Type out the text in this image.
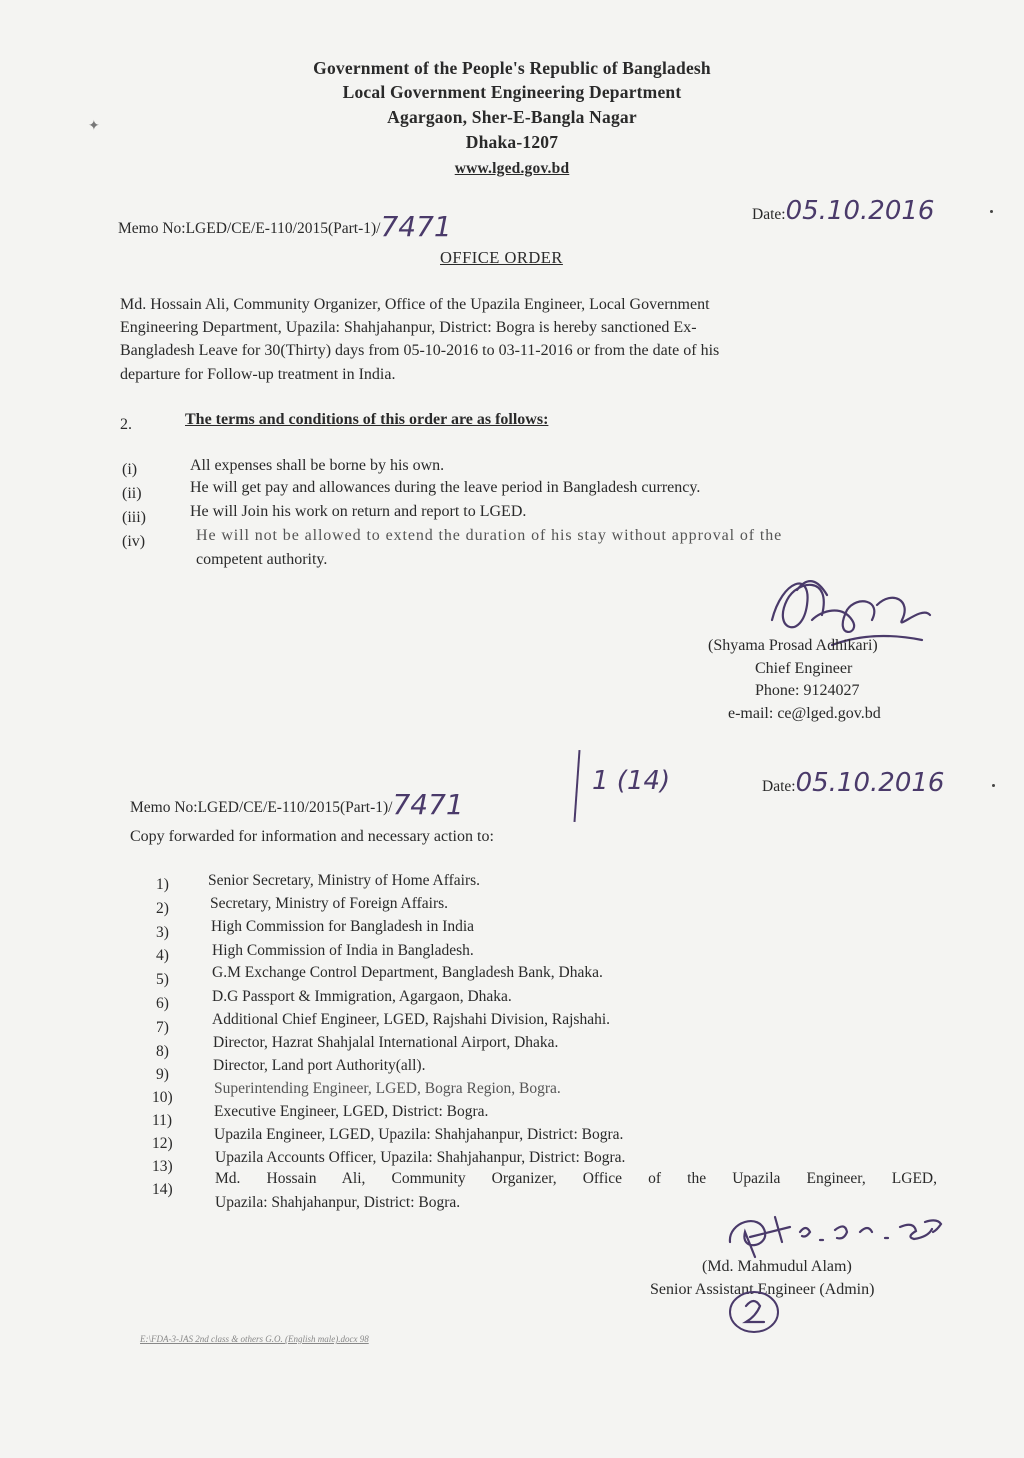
Government of the People's Republic of Bangladesh
Local Government Engineering Department
Agargaon, Sher-E-Bangla Nagar
Dhaka-1207
www.lged.gov.bd
Memo No:LGED/CE/E-110/2015(Part-1)/7471	Date:05.10.2016
OFFICE ORDER
Md. Hossain Ali, Community Organizer, Office of the Upazila Engineer, Local Government
Engineering Department, Upazila: Shahjahanpur, District: Bogra is hereby sanctioned Ex-
Bangladesh Leave for 30(Thirty) days from 05-10-2016 to 03-11-2016 or from the date of his
departure for Follow-up treatment in India.
2.	The terms and conditions of this order are as follows:
(i)	All expenses shall be borne by his own.
(ii)	He will get pay and allowances during the leave period in Bangladesh currency.
(iii)	He will Join his work on return and report to LGED.
(iv)	He will not be allowed to extend the duration of his stay without approval of the
competent authority.
(Shyama Prosad Adhikari)
Chief Engineer
Phone: 9124027
e-mail: ce@lged.gov.bd
Memo No:LGED/CE/E-110/2015(Part-1)/7471
1 (14)	Date:05.10.2016
Copy forwarded for information and necessary action to:
1)	Senior Secretary, Ministry of Home Affairs.
2)	Secretary, Ministry of Foreign Affairs.
3)	High Commission for Bangladesh in India
4)	High Commission of India in Bangladesh.
5)	G.M Exchange Control Department, Bangladesh Bank, Dhaka.
6)	D.G Passport & Immigration, Agargaon, Dhaka.
7)	Additional Chief Engineer, LGED, Rajshahi Division, Rajshahi.
8)
Director, Hazrat Shahjalal International Airport, Dhaka.
9)
Director, Land port Authority(all).
10)
Superintending Engineer, LGED, Bogra Region, Bogra.
11)
Executive Engineer, LGED, District: Bogra.
12)
Upazila Engineer, LGED, Upazila: Shahjahanpur, District: Bogra.
13)
Upazila Accounts Officer, Upazila: Shahjahanpur, District: Bogra.
14)
Md. Hossain Ali, Community Organizer, Office of the Upazila Engineer, LGED,
Upazila: Shahjahanpur, District: Bogra.
(Md. Mahmudul Alam)
Senior Assistant Engineer (Admin)
E:\FDA-3-JAS 2nd class & others G.O. (English male).docx 98
✦
